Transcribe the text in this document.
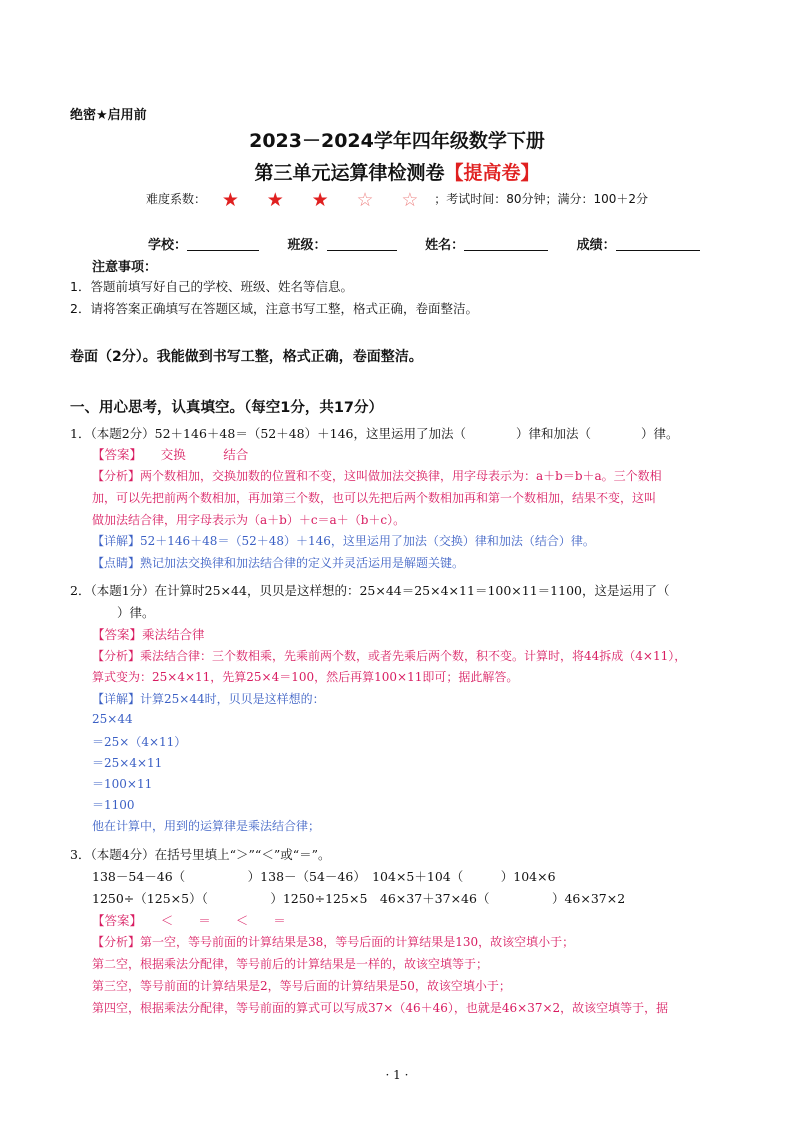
绝密★启用前
2023－2024学年四年级数学下册
第三单元运算律检测卷【提高卷】
难度系数： ★ ★ ★ ☆ ☆ ；考试时间：80分钟；满分：100＋2分
学校：	班级：	姓名：	成绩：
注意事项：
1．答题前填写好自己的学校、班级、姓名等信息。
2．请将答案正确填写在答题区域，注意书写工整，格式正确，卷面整洁。
卷面（2分）。我能做到书写工整，格式正确，卷面整洁。
一、用心思考，认真填空。（每空1分，共17分）
1．（本题2分）52＋146＋48＝（52＋48）＋146，这里运用了加法（　　　　）律和加法（　　　　）律。
【答案】　　交换　　　结合
【分析】两个数相加，交换加数的位置和不变，这叫做加法交换律，用字母表示为：a＋b＝b＋a。三个数相
加，可以先把前两个数相加，再加第三个数，也可以先把后两个数相加再和第一个数相加，结果不变，这叫
做加法结合律，用字母表示为（a＋b）＋c＝a＋（b＋c）。
【详解】52＋146＋48＝（52＋48）＋146，这里运用了加法（交换）律和加法（结合）律。
【点睛】熟记加法交换律和加法结合律的定义并灵活运用是解题关键。
2．（本题1分）在计算时25×44，贝贝是这样想的：25×44＝25×4×11＝100×11＝1100，这是运用了（
　　）律。
【答案】乘法结合律
【分析】乘法结合律：三个数相乘，先乘前两个数，或者先乘后两个数，积不变。计算时，将44拆成（4×11），
算式变为：25×4×11，先算25×4＝100，然后再算100×11即可；据此解答。
【详解】计算25×44时，贝贝是这样想的：
25×44
＝25×（4×11）
＝25×4×11
＝100×11
＝1100
他在计算中，用到的运算律是乘法结合律；
3．（本题4分）在括号里填上“＞”“＜”或“＝”。
138－54－46（　　　　　）138－（54－46）　104×5＋104（　　　）104×6
1250÷（125×5）（　　　　　）1250÷125×5　46×37＋37×46（　　　　　）46×37×2
【答案】　　＜　　＝　　＜　　＝
【分析】第一空，等号前面的计算结果是38，等号后面的计算结果是130，故该空填小于；
第二空，根据乘法分配律，等号前后的计算结果是一样的，故该空填等于；
第三空，等号前面的计算结果是2，等号后面的计算结果是50，故该空填小于；
第四空，根据乘法分配律，等号前面的算式可以写成37×（46＋46），也就是46×37×2，故该空填等于，据
· 1 ·
